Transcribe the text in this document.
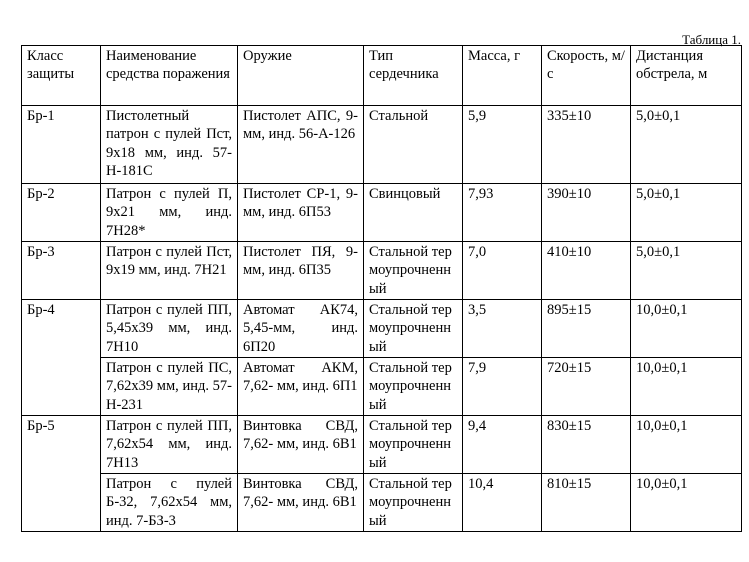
Таблица 1.
Класс защиты	Наименование средства поражения	Оружие	Тип сердечника	Масса, г	Скорость, м/с	Дистанция обстрела, м
Бр-1	Пистолетный патрон с пулей Пст, 9х18 мм, инд. 57-Н-181С	Пистолет АПС, 9- мм, инд. 56-А-126	Стальной	5,9	335±10	5,0±0,1
Бр-2	Патрон с пулей П, 9х21 мм, инд. 7Н28*	Пистолет СР-1, 9- мм, инд. 6П53	Свинцовый	7,93	390±10	5,0±0,1
Бр-3	Патрон с пулей Пст, 9х19 мм, инд. 7Н21	Пистолет ПЯ, 9-мм, инд. 6П35	Стальной термоупрочненный	7,0	410±10	5,0±0,1
Бр-4	Патрон с пулей ПП, 5,45х39 мм, инд. 7Н10	Автомат АК74, 5,45-мм, инд. 6П20	Стальной термоупрочненный	3,5	895±15	10,0±0,1
	Патрон с пулей ПС, 7,62х39 мм, инд. 57-Н-231	Автомат АКМ, 7,62- мм, инд. 6П1	Стальной термоупрочненный	7,9	720±15	10,0±0,1
Бр-5	Патрон с пулей ПП, 7,62х54 мм, инд. 7Н13	Винтовка СВД, 7,62- мм, инд. 6В1	Стальной термоупрочненный	9,4	830±15	10,0±0,1
	Патрон с пулей Б-32, 7,62х54 мм, инд. 7-БЗ-3	Винтовка СВД, 7,62- мм, инд. 6В1	Стальной термоупрочненный	10,4	810±15	10,0±0,1
